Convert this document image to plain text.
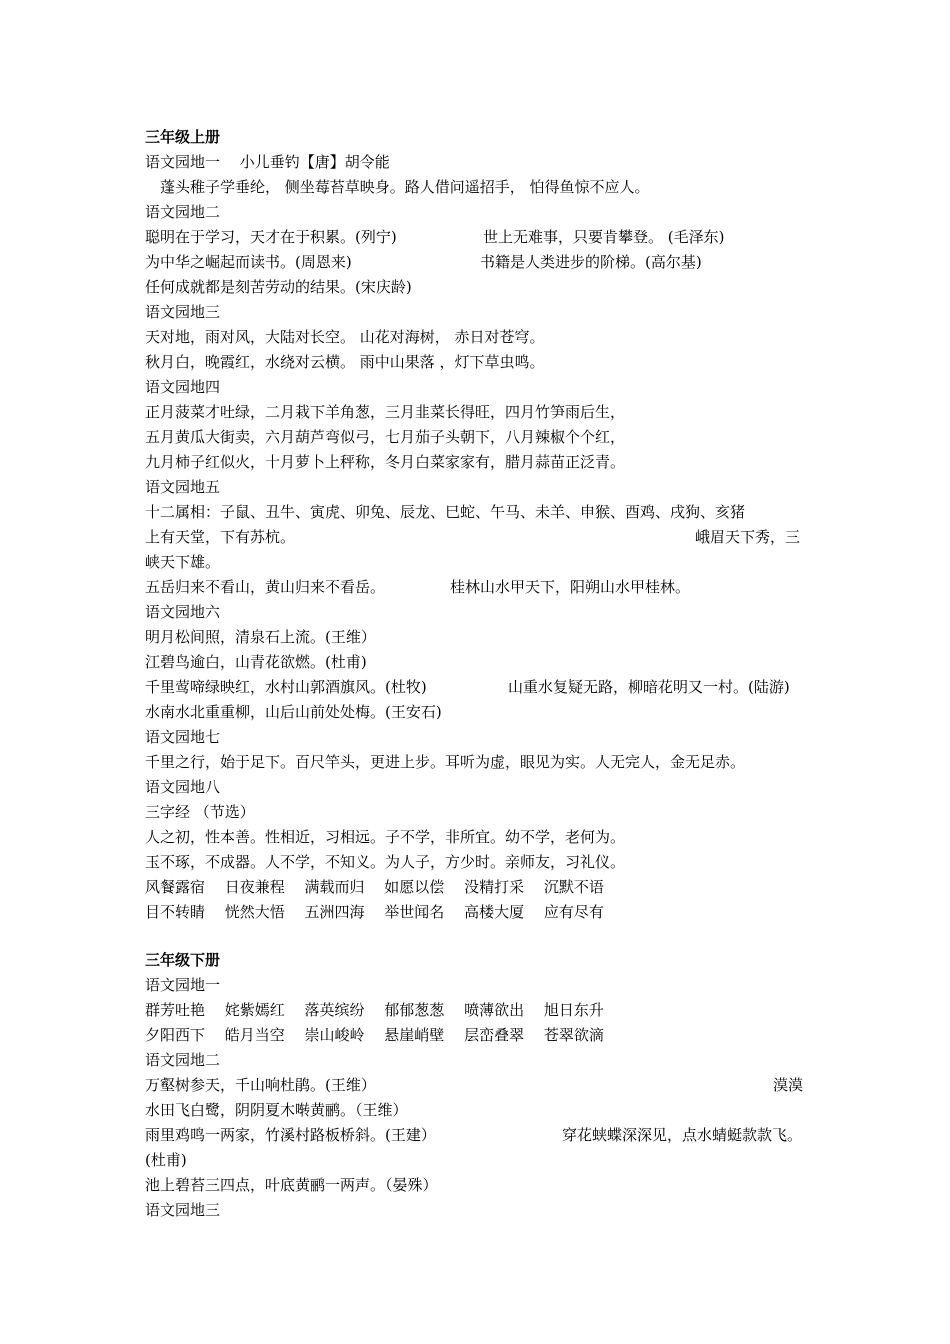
三年级上册
语文园地一　 小儿垂钓【唐】胡令能
　蓬头稚子学垂纶， 侧坐莓苔草映身。路人借问遥招手， 怕得鱼惊不应人。
语文园地二
聪明在于学习，天才在于积累。(列宁)	世上无难事，只要肯攀登。 (毛泽东)
为中华之崛起而读书。(周恩来)	书籍是人类进步的阶梯。(高尔基)
任何成就都是刻苦劳动的结果。(宋庆龄)
语文园地三
天对地，雨对风，大陆对长空。 山花对海树， 赤日对苍穹。
秋月白，晚霞红，水绕对云横。 雨中山果落 ，灯下草虫鸣。
语文园地四
正月菠菜才吐绿，二月栽下羊角葱，三月韭菜长得旺，四月竹笋雨后生，
五月黄瓜大街卖，六月葫芦弯似弓，七月茄子头朝下，八月辣椒个个红，
九月柿子红似火，十月萝卜上秤称，冬月白菜家家有，腊月蒜苗正泛青。
语文园地五
十二属相：子鼠、丑牛、寅虎、卯兔、辰龙、巳蛇、午马、未羊、申猴、酉鸡、戌狗、亥猪
上有天堂，下有苏杭。	峨眉天下秀，三
峡天下雄。
五岳归来不看山，黄山归来不看岳。	桂林山水甲天下，阳朔山水甲桂林。
语文园地六
明月松间照，清泉石上流。(王维）
江碧鸟逾白，山青花欲燃。(杜甫)
千里莺啼绿映红，水村山郭酒旗风。(杜牧)	山重水复疑无路，柳暗花明又一村。(陆游)
水南水北重重柳，山后山前处处梅。(王安石)
语文园地七
千里之行，始于足下。百尺竿头，更进上步。耳听为虚，眼见为实。人无完人，金无足赤。
语文园地八
三字经 （节选）
人之初，性本善。性相近，习相远。子不学，非所宜。幼不学，老何为。
玉不琢，不成器。人不学，不知义。为人子，方少时。亲师友，习礼仪。
风餐露宿　 日夜兼程　 满载而归　 如愿以偿　 没精打采　 沉默不语
目不转睛　 恍然大悟　 五洲四海　 举世闻名　 高楼大厦　 应有尽有
三年级下册
语文园地一
群芳吐艳　 姹紫嫣红　 落英缤纷　 郁郁葱葱　 喷薄欲出　 旭日东升
夕阳西下　 皓月当空　 崇山峻岭　 悬崖峭壁　 层峦叠翠　 苍翠欲滴
语文园地二
万壑树参天，千山响杜鹃。(王维）	漠漠
水田飞白鹭，阴阴夏木啭黄鹂。（王维）
雨里鸡鸣一两家，竹溪村路板桥斜。(王建）	穿花蛱蝶深深见，点水蜻蜓款款飞。
(杜甫)
池上碧苔三四点，叶底黄鹂一两声。（晏殊）
语文园地三
